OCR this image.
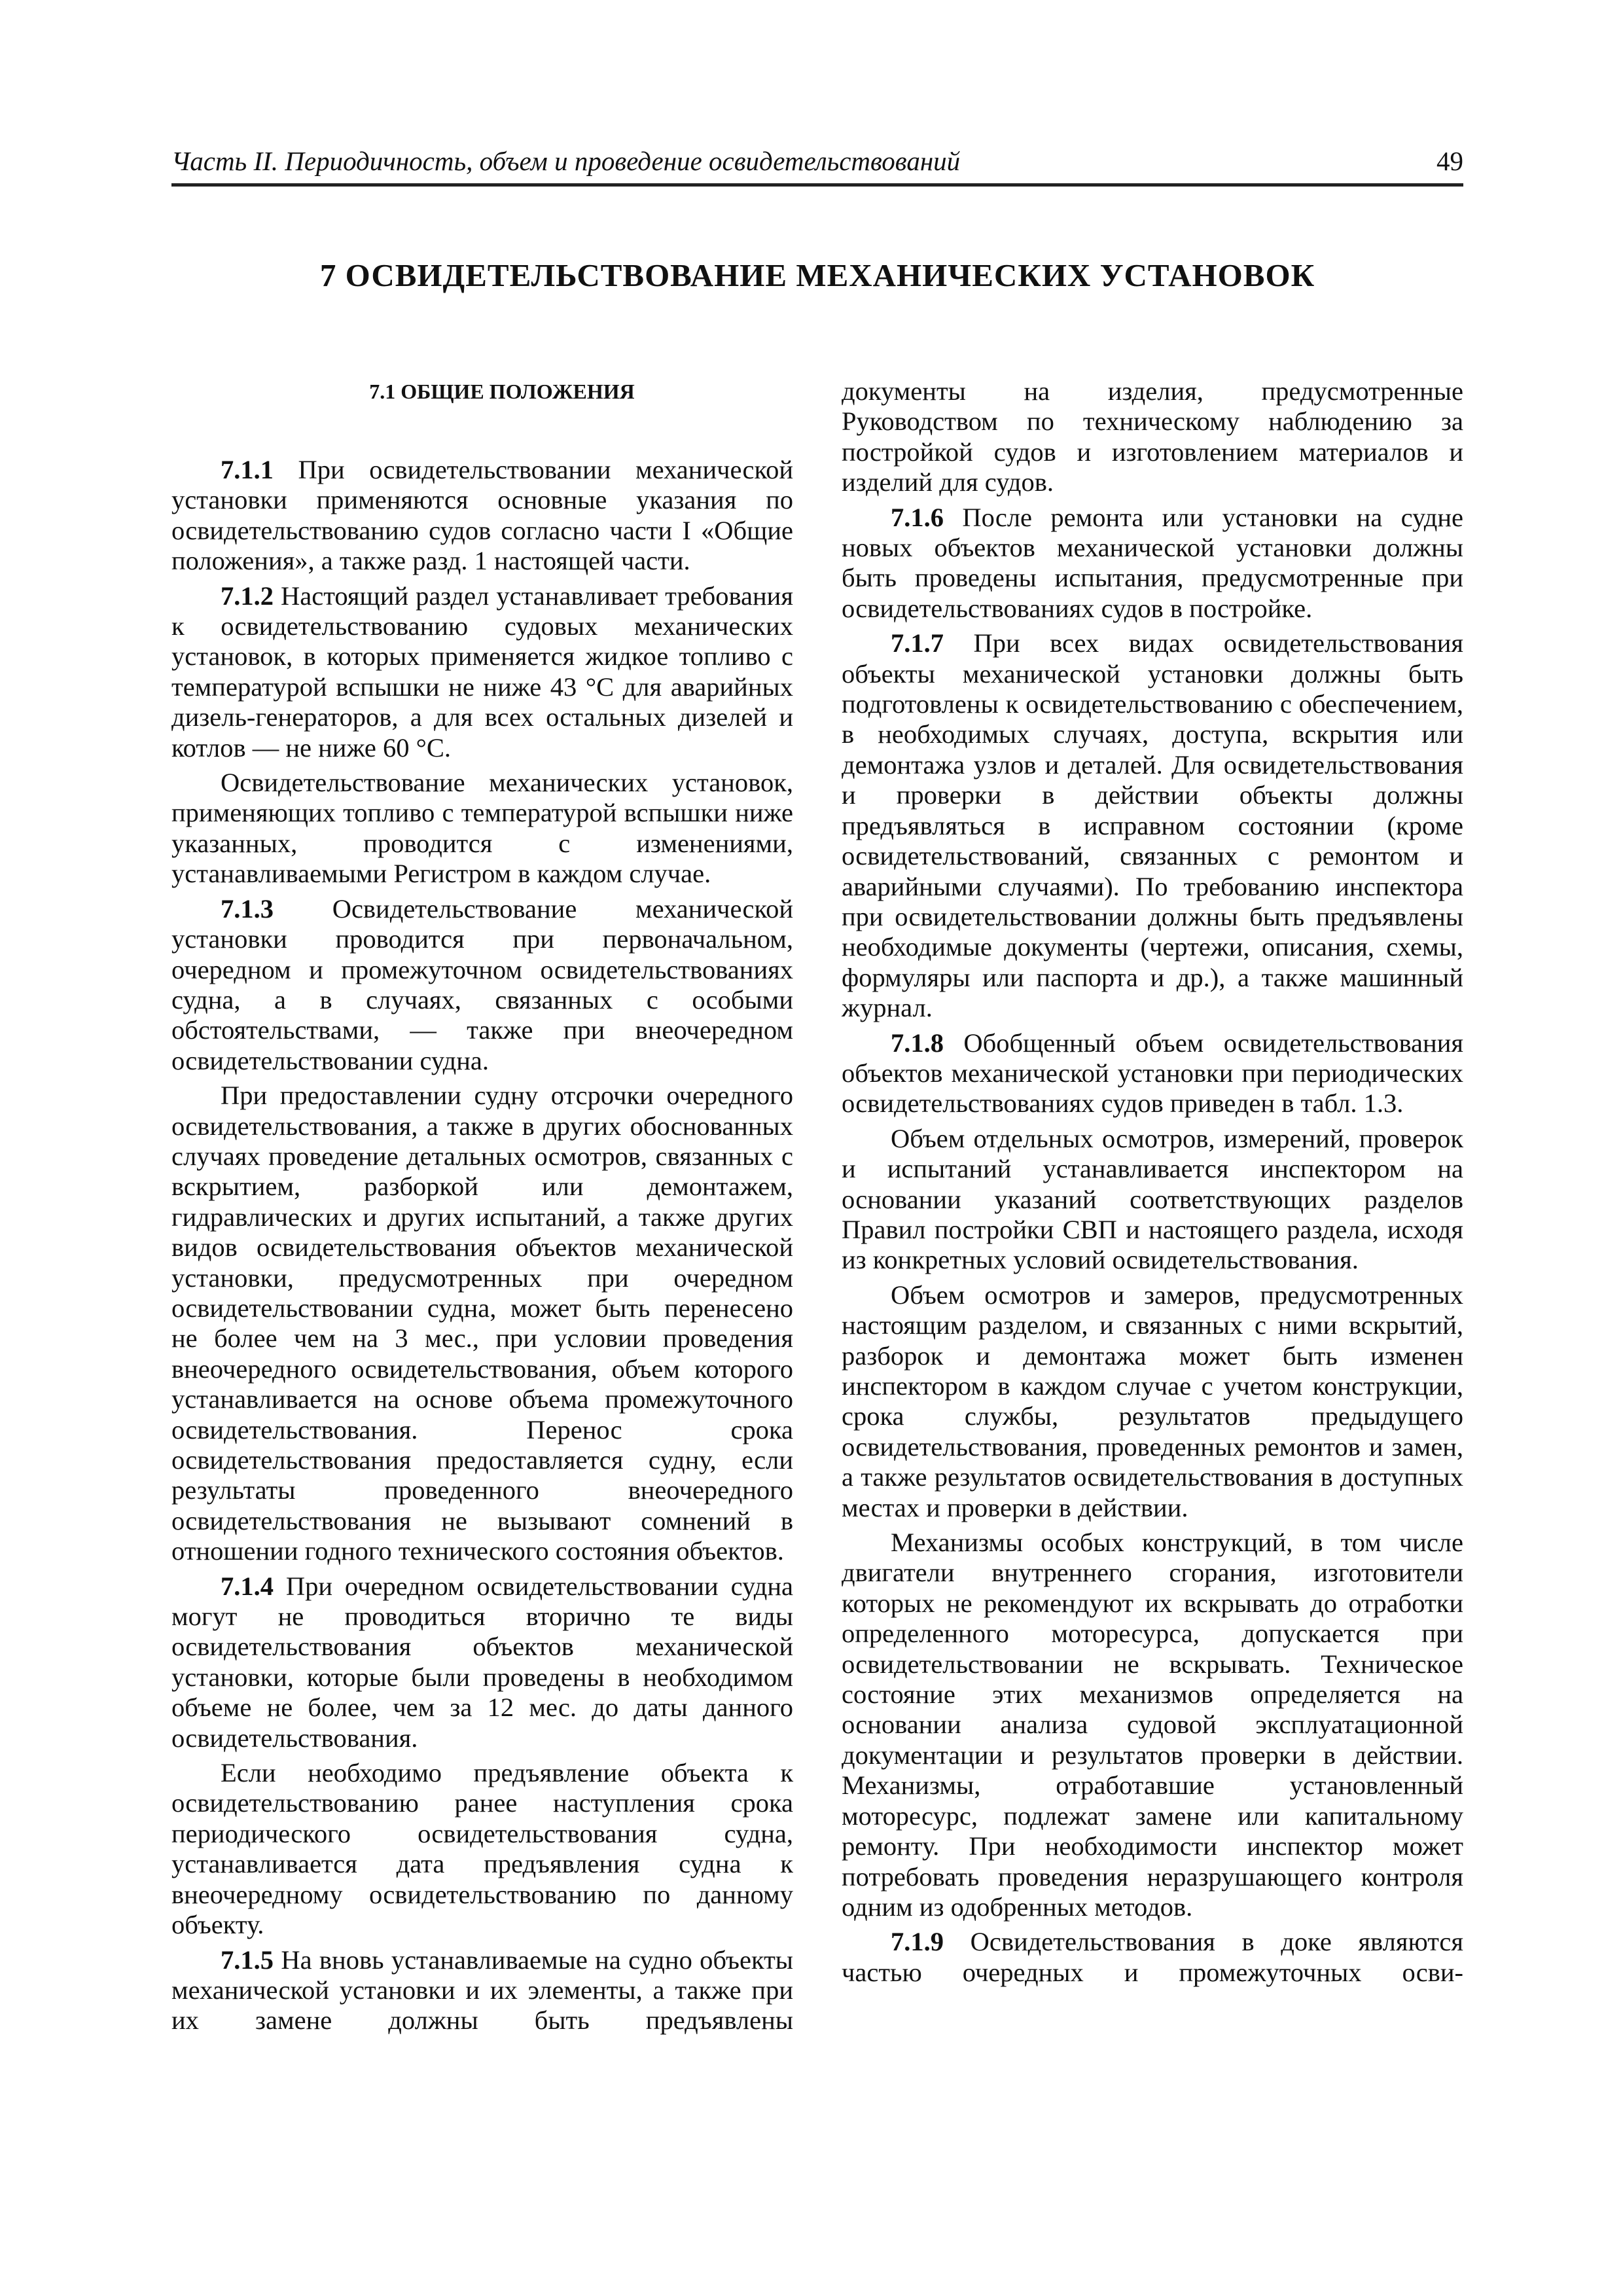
Часть II. Периодичность, объем и проведение освидетельствований	49
7 ОСВИДЕТЕЛЬСТВОВАНИЕ МЕХАНИЧЕСКИХ УСТАНОВОК
7.1 ОБЩИЕ ПОЛОЖЕНИЯ

7.1.1 При освидетельствовании механической установки применяются основные указания по освидетельствованию судов согласно части I «Общие положения», а также разд. 1 настоящей части.

7.1.2 Настоящий раздел устанавливает требования к освидетельствованию судовых механических установок, в которых применяется жидкое топливо с температурой вспышки не ниже 43 °С для аварийных дизель-генераторов, а для всех остальных дизелей и котлов — не ниже 60 °С.

Освидетельствование механических установок, применяющих топливо с температурой вспышки ниже указанных, проводится с изменениями, устанавливаемыми Регистром в каждом случае.

7.1.3 Освидетельствование механической установки проводится при первоначальном, очередном и промежуточном освидетельствованиях судна, а в случаях, связанных с особыми обстоятельствами, — также при внеочередном освидетельствовании судна.

При предоставлении судну отсрочки очередного освидетельствования, а также в других обоснованных случаях проведение детальных осмотров, связанных с вскрытием, разборкой или демонтажем, гидравлических и других испытаний, а также других видов освидетельствования объектов механической установки, предусмотренных при очередном освидетельствовании судна, может быть перенесено не более чем на 3 мес., при условии проведения внеочередного освидетельствования, объем которого устанавливается на основе объема промежуточного освидетельствования. Перенос срока освидетельствования предоставляется судну, если результаты проведенного внеочередного освидетельствования не вызывают сомнений в отношении годного технического состояния объектов.

7.1.4 При очередном освидетельствовании судна могут не проводиться вторично те виды освидетельствования объектов механической установки, которые были проведены в необходимом объеме не более, чем за 12 мес. до даты данного освидетельствования.

Если необходимо предъявление объекта к освидетельствованию ранее наступления срока периодического освидетельствования судна, устанавливается дата предъявления судна к внеочередному освидетельствованию по данному объекту.

7.1.5 На вновь устанавливаемые на судно объекты механической установки и их элементы, а также при их замене должны быть предъявлены

документы на изделия, предусмотренные Руководством по техническому наблюдению за постройкой судов и изготовлением материалов и изделий для судов.

7.1.6 После ремонта или установки на судне новых объектов механической установки должны быть проведены испытания, предусмотренные при освидетельствованиях судов в постройке.

7.1.7 При всех видах освидетельствования объекты механической установки должны быть подготовлены к освидетельствованию с обеспечением, в необходимых случаях, доступа, вскрытия или демонтажа узлов и деталей. Для освидетельствования и проверки в действии объекты должны предъявляться в исправном состоянии (кроме освидетельствований, связанных с ремонтом и аварийными случаями). По требованию инспектора при освидетельствовании должны быть предъявлены необходимые документы (чертежи, описания, схемы, формуляры или паспорта и др.), а также машинный журнал.

7.1.8 Обобщенный объем освидетельствования объектов механической установки при периодических освидетельствованиях судов приведен в табл. 1.3.

Объем отдельных осмотров, измерений, проверок и испытаний устанавливается инспектором на основании указаний соответствующих разделов Правил постройки СВП и настоящего раздела, исходя из конкретных условий освидетельствования.

Объем осмотров и замеров, предусмотренных настоящим разделом, и связанных с ними вскрытий, разборок и демонтажа может быть изменен инспектором в каждом случае с учетом конструкции, срока службы, результатов предыдущего освидетельствования, проведенных ремонтов и замен, а также результатов освидетельствования в доступных местах и проверки в действии.

Механизмы особых конструкций, в том числе двигатели внутреннего сгорания, изготовители которых не рекомендуют их вскрывать до отработки определенного моторесурса, допускается при освидетельствовании не вскрывать. Техническое состояние этих механизмов определяется на основании анализа судовой эксплуатационной документации и результатов проверки в действии. Механизмы, отработавшие установленный моторесурс, подлежат замене или капитальному ремонту. При необходимости инспектор может потребовать проведения неразрушающего контроля одним из одобренных методов.

7.1.9 Освидетельствования в доке являются частью очередных и промежуточных осви-
